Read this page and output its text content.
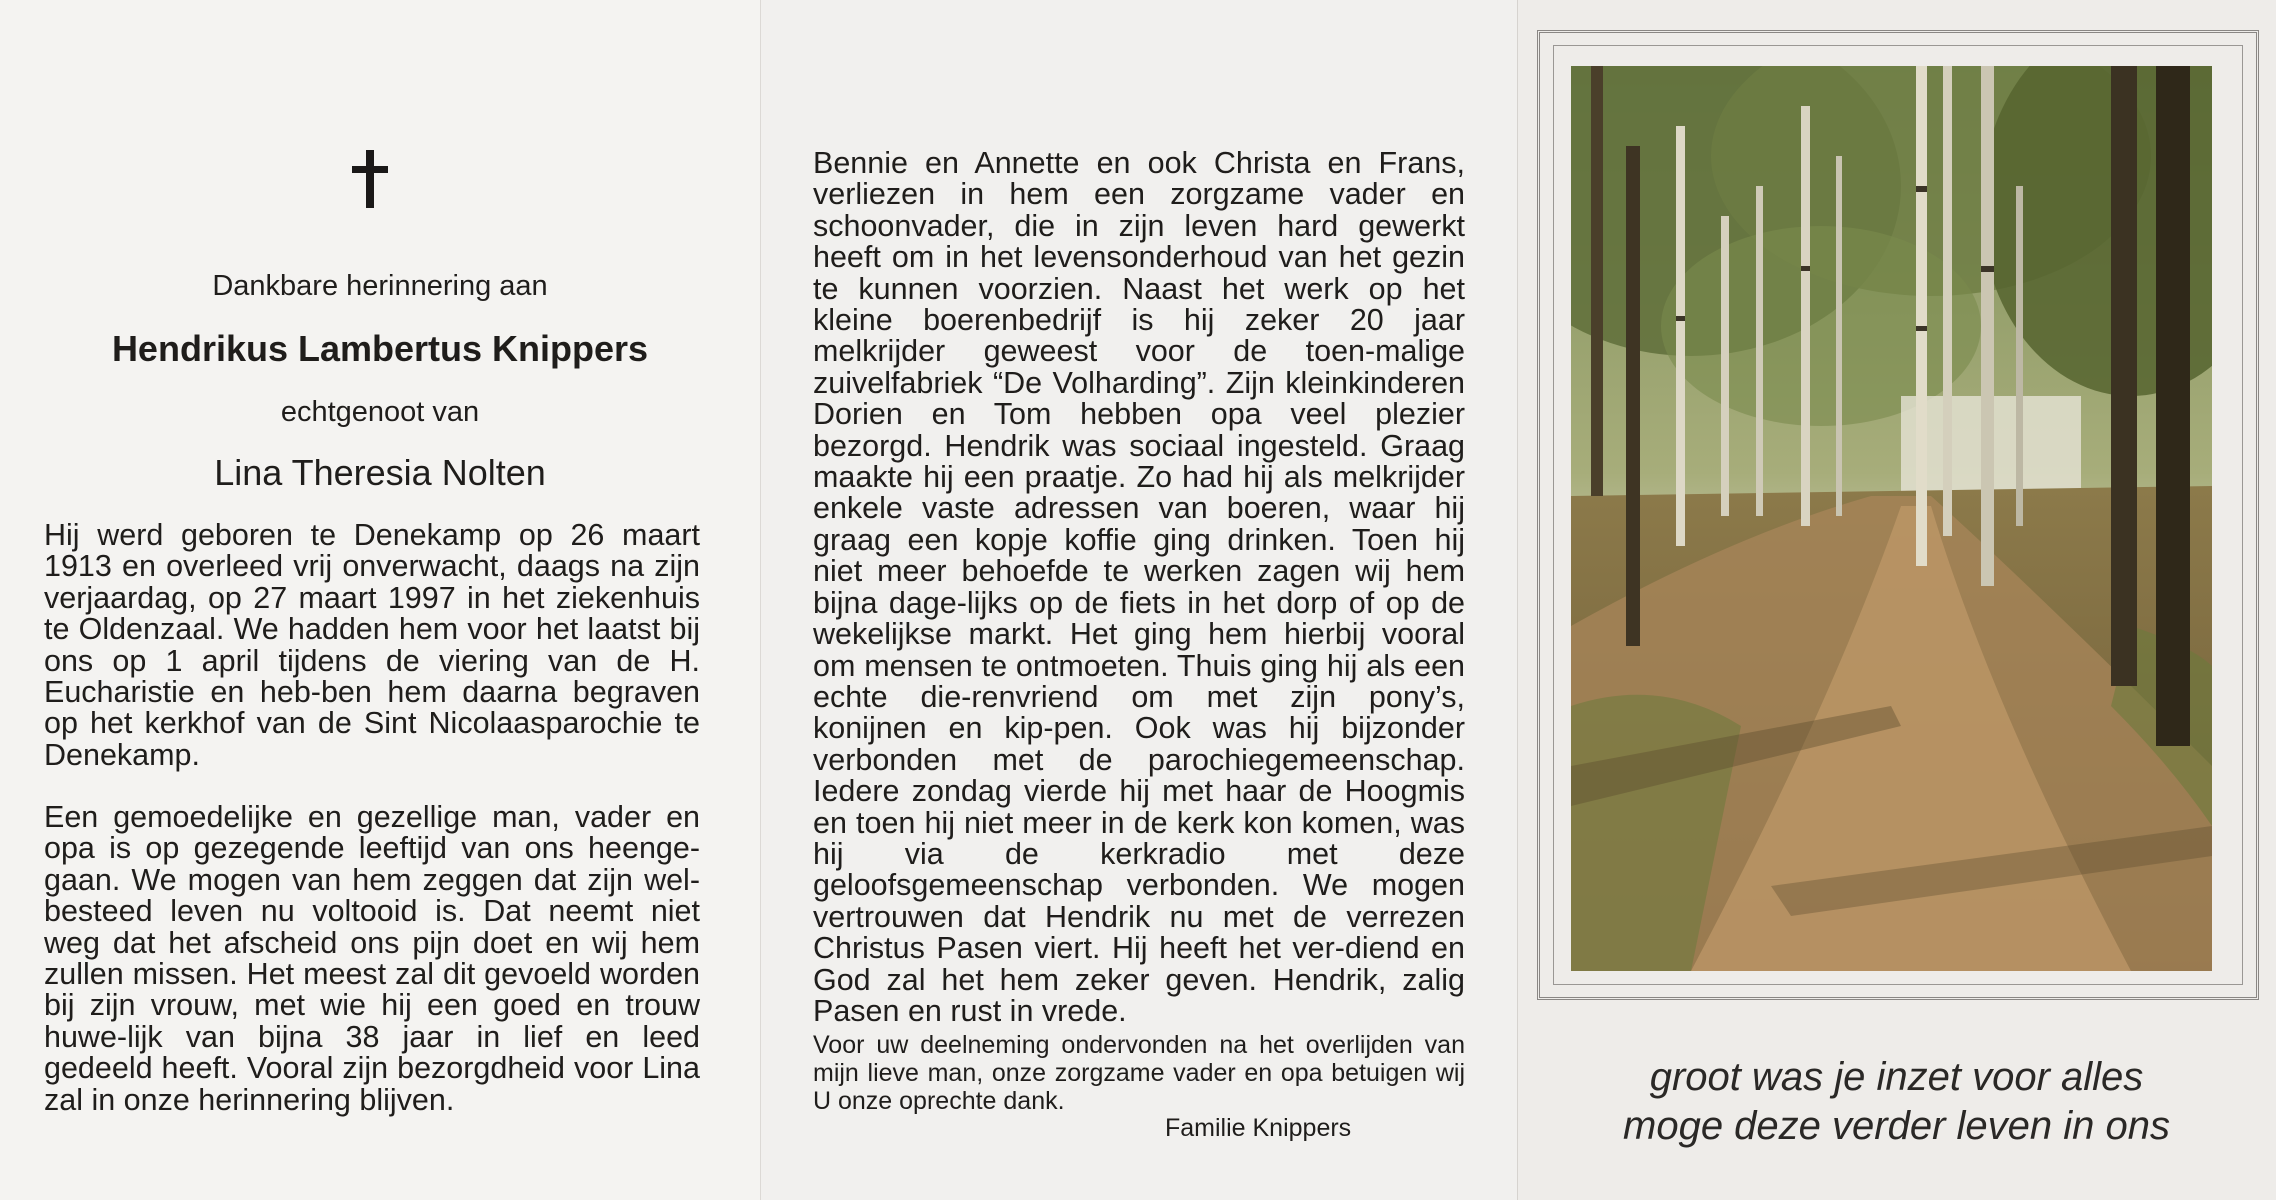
Dankbare herinnering aan
Hendrikus Lambertus Knippers
echtgenoot van
Lina Theresia Nolten

Hij werd geboren te Denekamp op 26 maart 1913 en overleed vrij onverwacht, daags na zijn verjaardag, op 27 maart 1997 in het ziekenhuis te Oldenzaal. We hadden hem voor het laatst bij ons op 1 april tijdens de viering van de H. Eucharistie en heb-ben hem daarna begraven op het kerkhof van de Sint Nicolaasparochie te Denekamp.

Een gemoedelijke en gezellige man, vader en opa is op gezegende leeftijd van ons heenge-gaan. We mogen van hem zeggen dat zijn wel-besteed leven nu voltooid is. Dat neemt niet weg dat het afscheid ons pijn doet en wij hem zullen missen. Het meest zal dit gevoeld worden bij zijn vrouw, met wie hij een goed en trouw huwe-lijk van bijna 38 jaar in lief en leed gedeeld heeft. Vooral zijn bezorgdheid voor Lina zal in onze herinnering blijven.

Bennie en Annette en ook Christa en Frans, verliezen in hem een zorgzame vader en schoonvader, die in zijn leven hard gewerkt heeft om in het levensonderhoud van het gezin te kunnen voorzien. Naast het werk op het kleine boerenbedrijf is hij zeker 20 jaar melkrijder geweest voor de toen-malige zuivelfabriek “De Volharding”. Zijn kleinkinderen Dorien en Tom hebben opa veel plezier bezorgd. Hendrik was sociaal ingesteld. Graag maakte hij een praatje. Zo had hij als melkrijder enkele vaste adressen van boeren, waar hij graag een kopje koffie ging drinken. Toen hij niet meer behoefde te werken zagen wij hem bijna dage-lijks op de fiets in het dorp of op de wekelijkse markt. Het ging hem hierbij vooral om mensen te ontmoeten. Thuis ging hij als een echte die-renvriend om met zijn pony’s, konijnen en kip-pen. Ook was hij bijzonder verbonden met de parochiegemeenschap. Iedere zondag vierde hij met haar de Hoogmis en toen hij niet meer in de kerk kon komen, was hij via de kerkradio met deze geloofsgemeenschap verbonden. We mogen vertrouwen dat Hendrik nu met de verrezen Christus Pasen viert. Hij heeft het ver-diend en God zal het hem zeker geven. Hendrik, zalig Pasen en rust in vrede.

Voor uw deelneming ondervonden na het overlijden van mijn lieve man, onze zorgzame vader en opa betuigen wij U onze oprechte dank.

Familie Knippers
groot was je inzet voor alles
moge deze verder leven in ons
